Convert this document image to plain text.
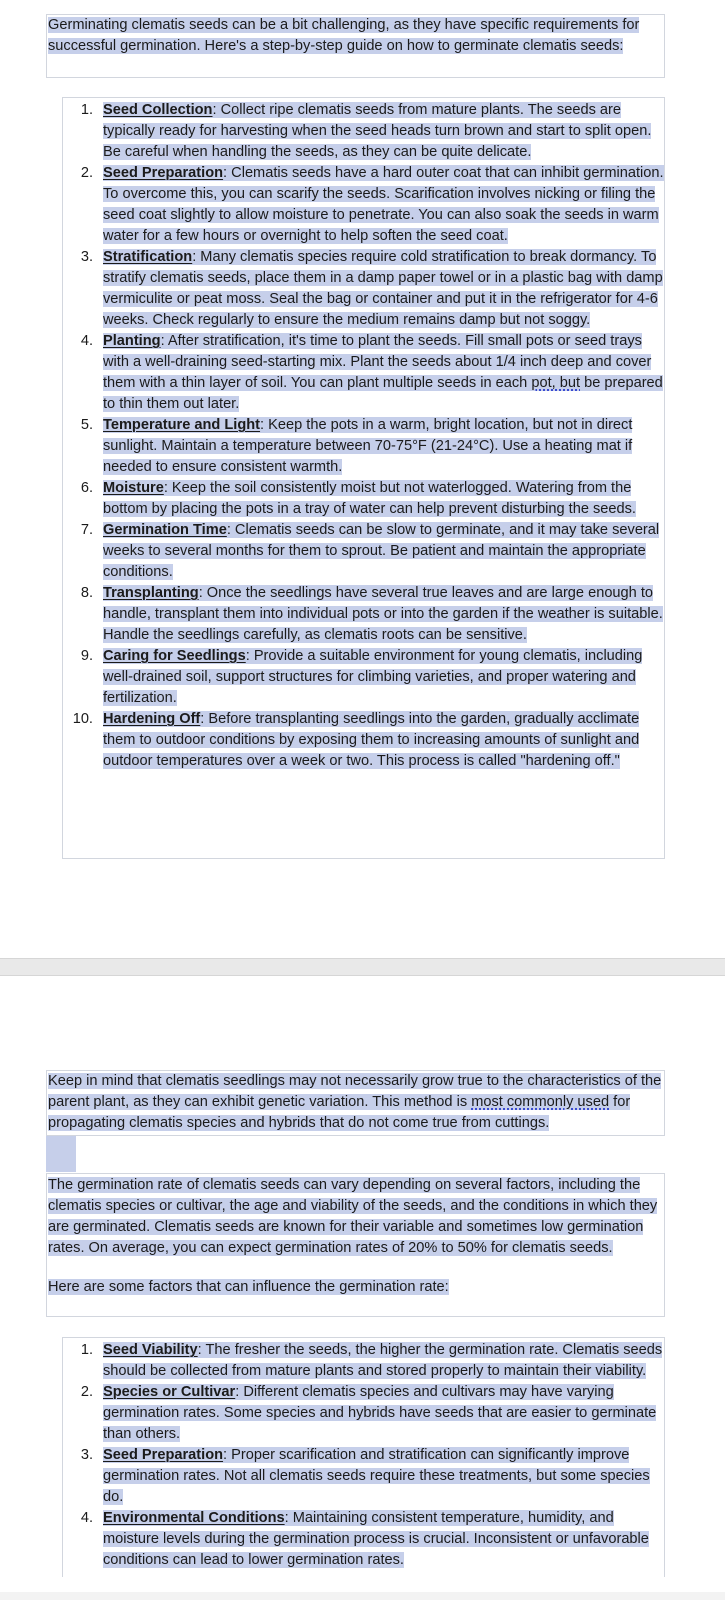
Germinating clematis seeds can be a bit challenging, as they have specific requirements for successful germination. Here's a step-by-step guide on how to germinate clematis seeds:

1. Seed Collection: Collect ripe clematis seeds from mature plants. The seeds are typically ready for harvesting when the seed heads turn brown and start to split open. Be careful when handling the seeds, as they can be quite delicate.
2. Seed Preparation: Clematis seeds have a hard outer coat that can inhibit germination. To overcome this, you can scarify the seeds. Scarification involves nicking or filing the seed coat slightly to allow moisture to penetrate. You can also soak the seeds in warm water for a few hours or overnight to help soften the seed coat.
3. Stratification: Many clematis species require cold stratification to break dormancy. To stratify clematis seeds, place them in a damp paper towel or in a plastic bag with damp vermiculite or peat moss. Seal the bag or container and put it in the refrigerator for 4-6 weeks. Check regularly to ensure the medium remains damp but not soggy.
4. Planting: After stratification, it's time to plant the seeds. Fill small pots or seed trays with a well-draining seed-starting mix. Plant the seeds about 1/4 inch deep and cover them with a thin layer of soil. You can plant multiple seeds in each pot, but be prepared to thin them out later.
5. Temperature and Light: Keep the pots in a warm, bright location, but not in direct sunlight. Maintain a temperature between 70-75°F (21-24°C). Use a heating mat if needed to ensure consistent warmth.
6. Moisture: Keep the soil consistently moist but not waterlogged. Watering from the bottom by placing the pots in a tray of water can help prevent disturbing the seeds.
7. Germination Time: Clematis seeds can be slow to germinate, and it may take several weeks to several months for them to sprout. Be patient and maintain the appropriate conditions.
8. Transplanting: Once the seedlings have several true leaves and are large enough to handle, transplant them into individual pots or into the garden if the weather is suitable. Handle the seedlings carefully, as clematis roots can be sensitive.
9. Caring for Seedlings: Provide a suitable environment for young clematis, including well-drained soil, support structures for climbing varieties, and proper watering and fertilization.
10. Hardening Off: Before transplanting seedlings into the garden, gradually acclimate them to outdoor conditions by exposing them to increasing amounts of sunlight and outdoor temperatures over a week or two. This process is called "hardening off."

Keep in mind that clematis seedlings may not necessarily grow true to the characteristics of the parent plant, as they can exhibit genetic variation. This method is most commonly used for propagating clematis species and hybrids that do not come true from cuttings.

The germination rate of clematis seeds can vary depending on several factors, including the clematis species or cultivar, the age and viability of the seeds, and the conditions in which they are germinated. Clematis seeds are known for their variable and sometimes low germination rates. On average, you can expect germination rates of 20% to 50% for clematis seeds.

Here are some factors that can influence the germination rate:

1. Seed Viability: The fresher the seeds, the higher the germination rate. Clematis seeds should be collected from mature plants and stored properly to maintain their viability.
2. Species or Cultivar: Different clematis species and cultivars may have varying germination rates. Some species and hybrids have seeds that are easier to germinate than others.
3. Seed Preparation: Proper scarification and stratification can significantly improve germination rates. Not all clematis seeds require these treatments, but some species do.
4. Environmental Conditions: Maintaining consistent temperature, humidity, and moisture levels during the germination process is crucial. Inconsistent or unfavorable conditions can lead to lower germination rates.
